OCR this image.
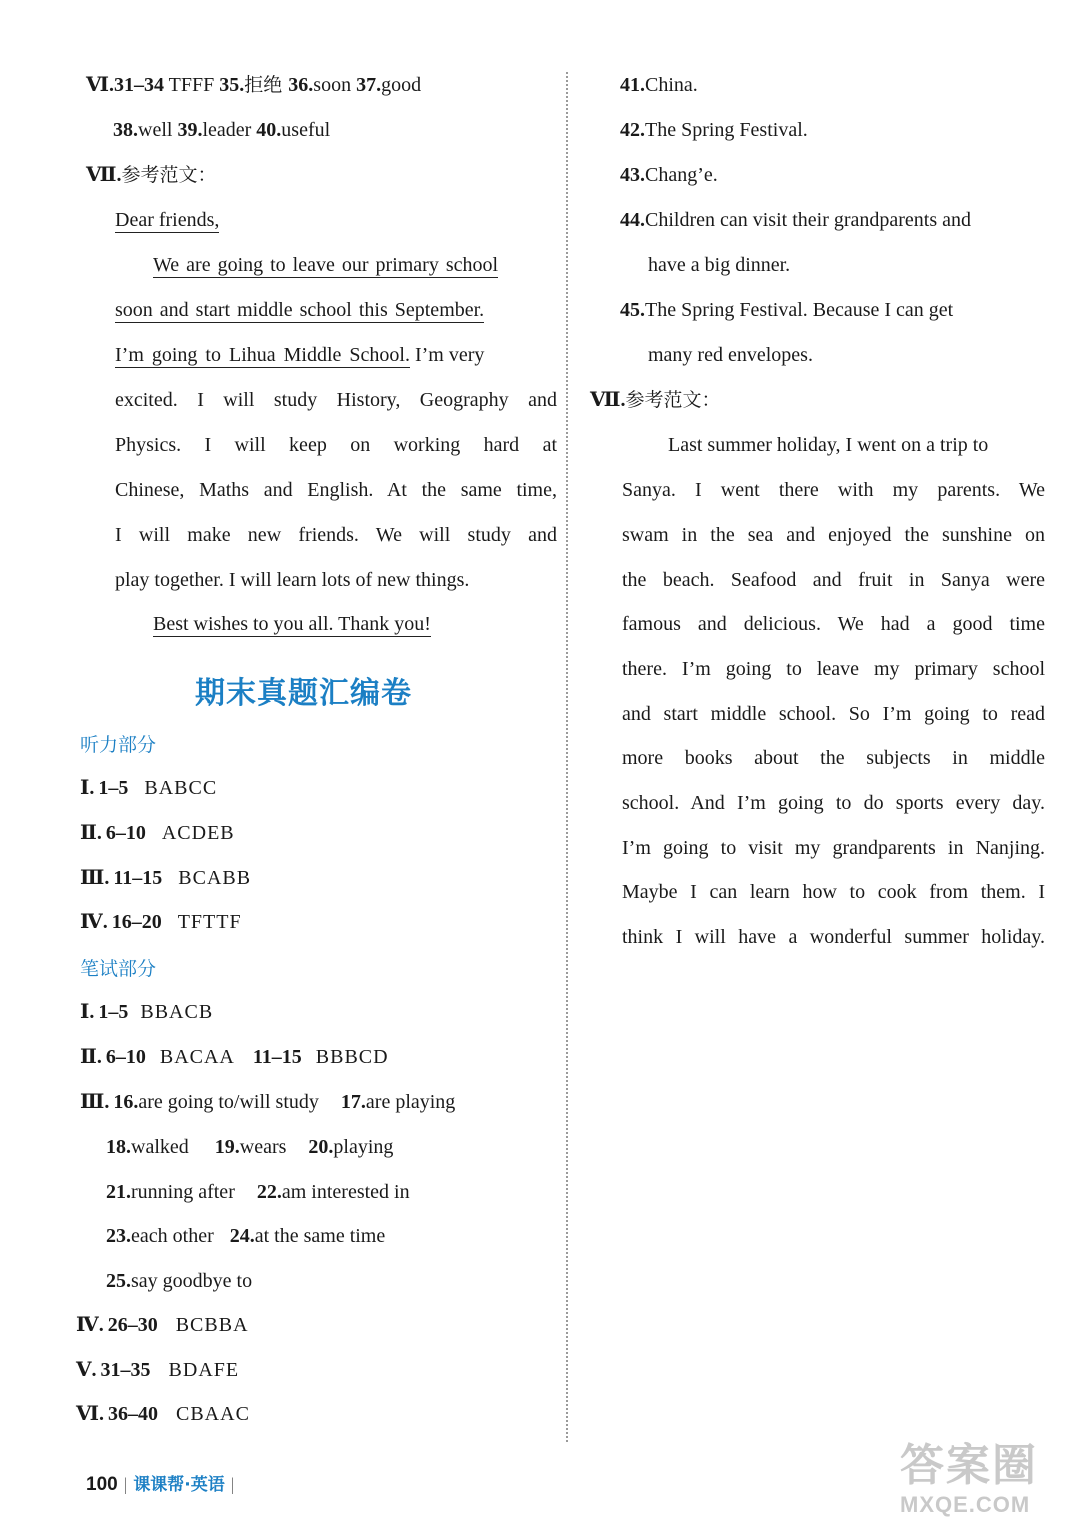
Ⅵ.31–34 TFFF 35.拒绝 36.soon 37.good
38.well 39.leader 40.useful
Ⅶ.参考范文：
Dear friends,
We are going to leave our primary school
soon and start middle school this September.
I’m going to Lihua Middle School. I’m very
excited. I will study History, Geography and
Physics. I will keep on working hard at
Chinese, Maths and English. At the same time,
I will make new friends. We will study and
play together. I will learn lots of new things.
Best wishes to you all. Thank you!
期末真题汇编卷
听力部分
Ⅰ. 1–5 BABCC
Ⅱ. 6–10 ACDEB
Ⅲ. 11–15 BCABB
Ⅳ. 16–20 TFTTF
笔试部分
Ⅰ. 1–5 BBACB
Ⅱ. 6–10 BACAA 11–15 BBBCD
Ⅲ. 16.are going to/will study 17.are playing
18.walked 19.wears 20.playing
21.running after 22.am interested in
23.each other 24.at the same time
25.say goodbye to
Ⅳ. 26–30 BCBBA
Ⅴ. 31–35 BDAFE
Ⅵ. 36–40 CBAAC
41.China.
42.The Spring Festival.
43.Chang’e.
44.Children can visit their grandparents and
have a big dinner.
45.The Spring Festival. Because I can get
many red envelopes.
Ⅶ.参考范文：
Last summer holiday, I went on a trip to
Sanya. I went there with my parents. We
swam in the sea and enjoyed the sunshine on
the beach. Seafood and fruit in Sanya were
famous and delicious. We had a good time
there. I’m going to leave my primary school
and start middle school. So I’m going to read
more books about the subjects in middle
school. And I’m going to do sports every day.
I’m going to visit my grandparents in Nanjing.
Maybe I can learn how to cook from them. I
think I will have a wonderful summer holiday.
100 | 课课帮·英语 |	答案圈
MXQE.COM
